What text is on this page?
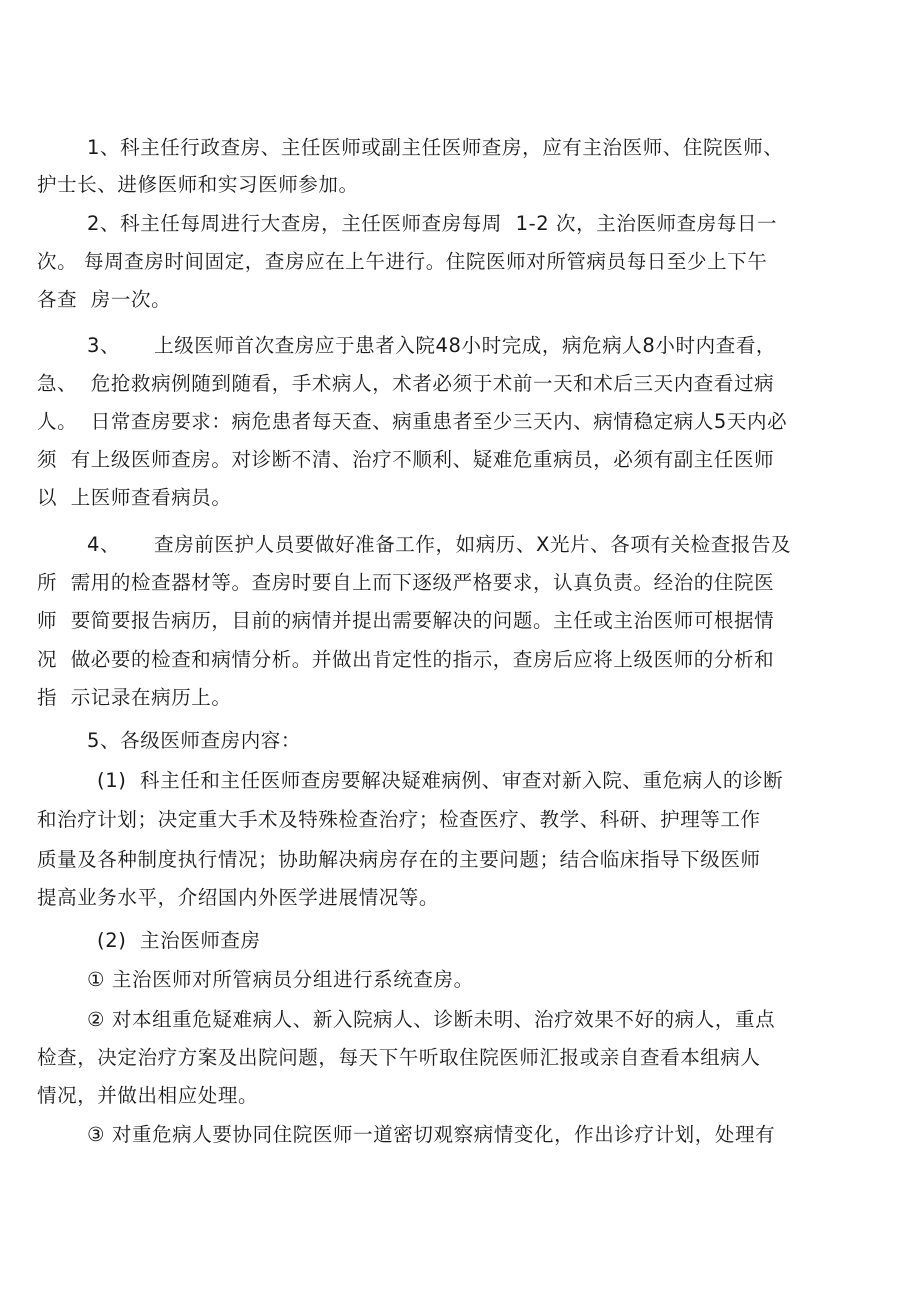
1、科主任行政查房、主任医师或副主任医师查房，应有主治医师、住院医师、
护士长、进修医师和实习医师参加。
2、科主任每周进行大查房，主任医师查房每周  1-2 次，主治医师查房每日一
次。 每周查房时间固定，查房应在上午进行。住院医师对所管病员每日至少上下午
各查  房一次。
3、     上级医师首次查房应于患者入院48小时完成，病危病人8小时内查看，
急、  危抢救病例随到随看，手术病人，术者必须于术前一天和术后三天内查看过病
人。  日常查房要求：病危患者每天查、病重患者至少三天内、病情稳定病人5天内必
须  有上级医师查房。对诊断不清、治疗不顺利、疑难危重病员，必须有副主任医师
以  上医师查看病员。
4、     查房前医护人员要做好准备工作，如病历、X光片、各项有关检查报告及
所  需用的检查器材等。查房时要自上而下逐级严格要求，认真负责。经治的住院医
师  要简要报告病历，目前的病情并提出需要解决的问题。主任或主治医师可根据情
况  做必要的检查和病情分析。并做出肯定性的指示，查房后应将上级医师的分析和
指  示记录在病历上。
5、各级医师查房内容：
(1)  科主任和主任医师查房要解决疑难病例、审查对新入院、重危病人的诊断
和治疗计划；决定重大手术及特殊检查治疗；检查医疗、教学、科研、护理等工作
质量及各种制度执行情况；协助解决病房存在的主要问题；结合临床指导下级医师
提高业务水平，介绍国内外医学进展情况等。
(2)  主治医师查房
① 主治医师对所管病员分组进行系统查房。
② 对本组重危疑难病人、新入院病人、诊断未明、治疗效果不好的病人，重点
检查，决定治疗方案及出院问题，每天下午听取住院医师汇报或亲自查看本组病人
情况，并做出相应处理。
③ 对重危病人要协同住院医师一道密切观察病情变化，作出诊疗计划，处理有
